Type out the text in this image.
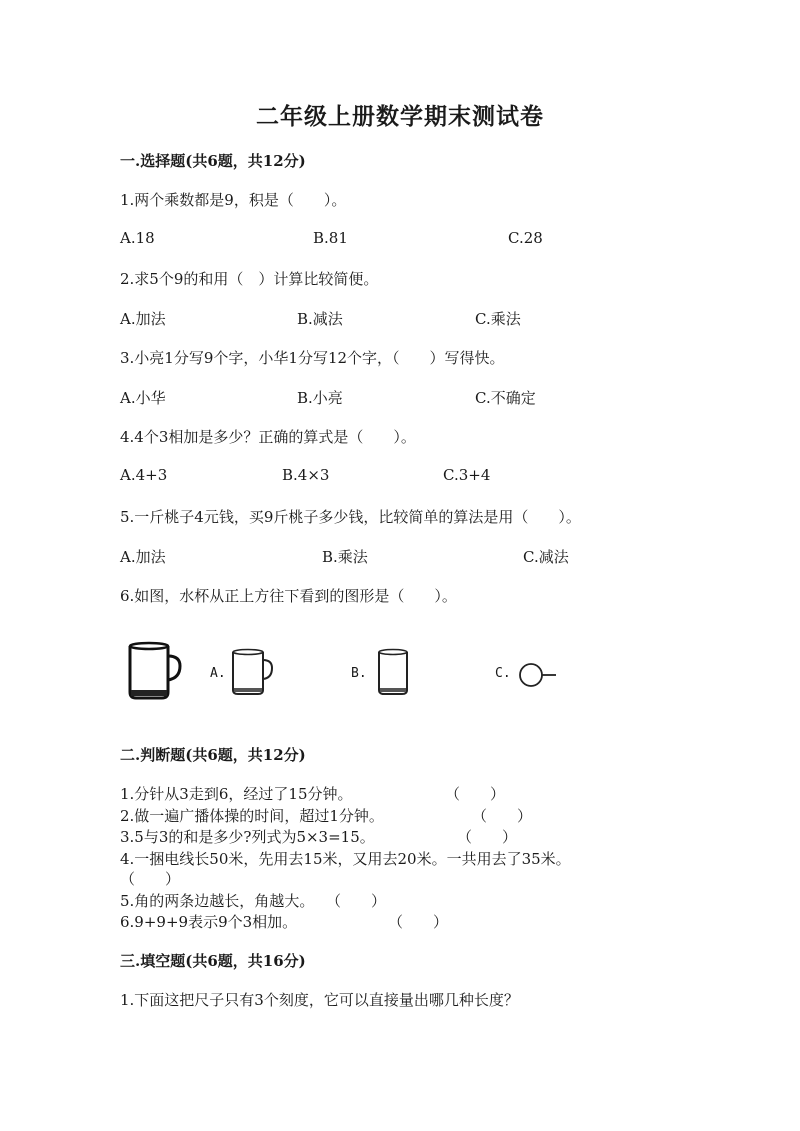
二年级上册数学期末测试卷
一.选择题(共6题，共12分)
1.两个乘数都是9，积是（　　）。
A.18	B.81	C.28
2.求5个9的和用（　）计算比较简便。
A.加法	B.减法	C.乘法
3.小亮1分写9个字，小华1分写12个字，（　　）写得快。
A.小华	B.小亮	C.不确定
4.4个3相加是多少？正确的算式是（　　）。
A.4+3	B.4×3	C.3+4
5.一斤桃子4元钱，买9斤桃子多少钱，比较简单的算法是用（　　）。
A.加法	B.乘法	C.减法
6.如图，水杯从正上方往下看到的图形是（　　）。
A.	B.	C.
二.判断题(共6题，共12分)
1.分针从3走到6，经过了15分钟。	（　　）
2.做一遍广播体操的时间，超过1分钟。	（　　）
3.5与3的和是多少?列式为5×3=15。	（　　）
4.一捆电线长50米，先用去15米，又用去20米。一共用去了35米。
（　　）
5.角的两条边越长，角越大。 （　　）
6.9+9+9表示9个3相加。	（　　）
三.填空题(共6题，共16分)
1.下面这把尺子只有3个刻度，它可以直接量出哪几种长度？
